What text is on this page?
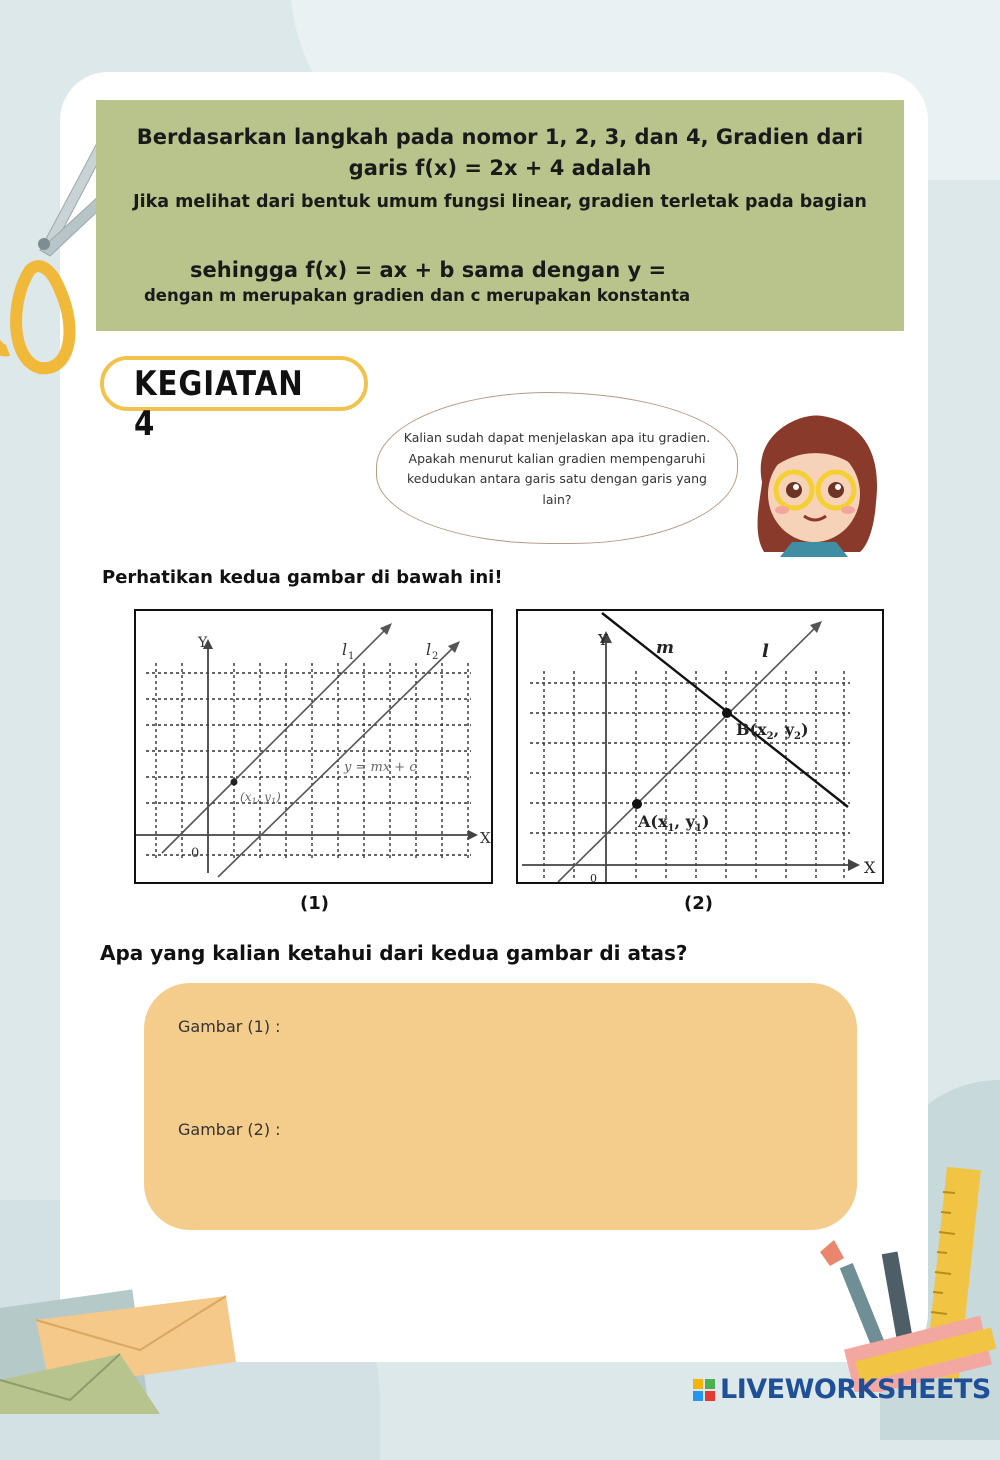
Berdasarkan langkah pada nomor 1, 2, 3, dan 4, Gradien dari garis f(x) = 2x + 4 adalah
Jika melihat dari bentuk umum fungsi linear, gradien terletak pada bagian
sehingga f(x) = ax + b sama dengan y =
dengan m merupakan gradien dan c merupakan konstanta
KEGIATAN 4	Kalian sudah dapat menjelaskan apa itu gradien. Apakah menurut kalian gradien mempengaruhi kedudukan antara garis satu dengan garis yang lain?
Perhatikan kedua gambar di bawah ini!
Y
X
0
l 1	l 2
y = mx + c
($x_1$, $y_1$)
Y
X
0
m	l
$A(x_1$, $y_1$)
$B(x_2$, $y_2$)
(1)	(2)
Apa yang kalian ketahui dari kedua gambar di atas?
Gambar (1) :
Gambar (2) :
LIVEWORKSHEETS
